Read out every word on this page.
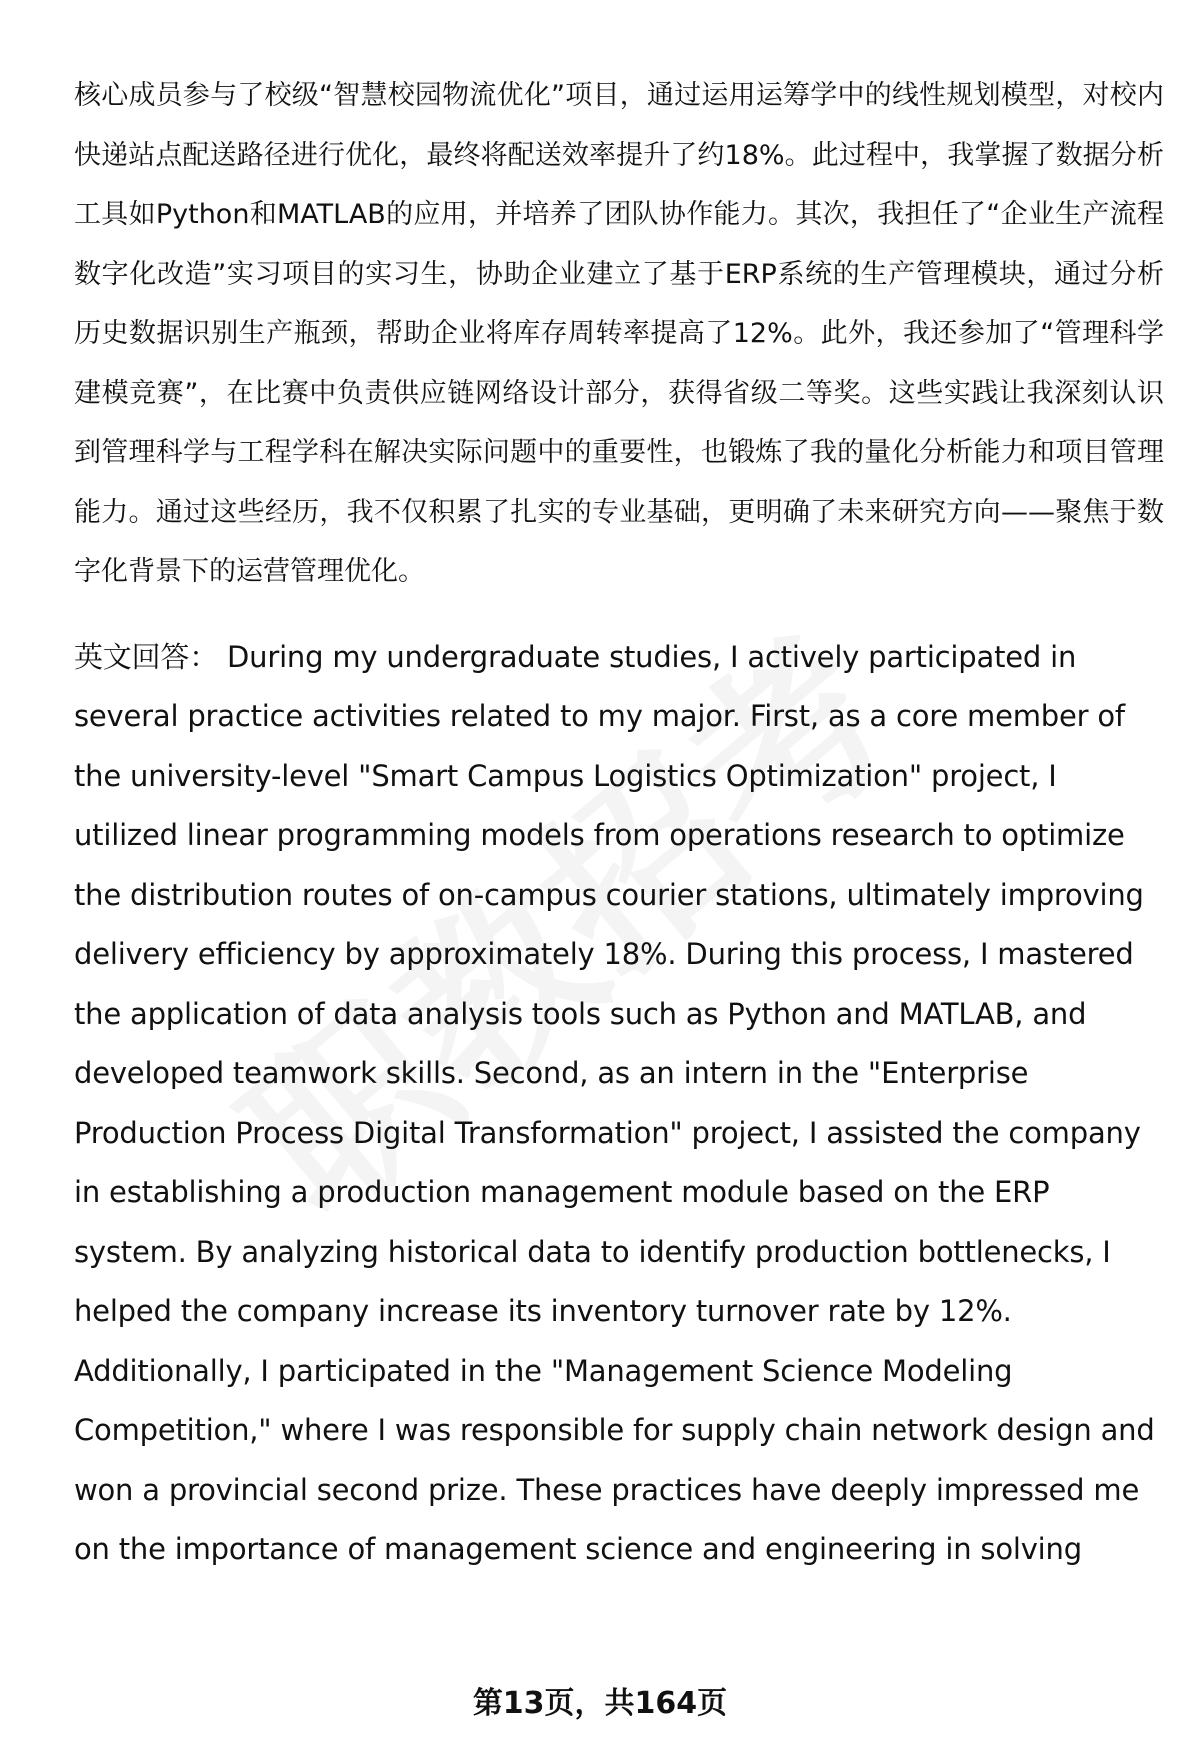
核心成员参与了校级“智慧校园物流优化”项目，通过运用运筹学中的线性规划模型，对校内快递站点配送路径进行优化，最终将配送效率提升了约18%。此过程中，我掌握了数据分析工具如Python和MATLAB的应用，并培养了团队协作能力。其次，我担任了“企业生产流程数字化改造”实习项目的实习生，协助企业建立了基于ERP系统的生产管理模块，通过分析历史数据识别生产瓶颈，帮助企业将库存周转率提高了12%。此外，我还参加了“管理科学建模竞赛”，在比赛中负责供应链网络设计部分，获得省级二等奖。这些实践让我深刻认识到管理科学与工程学科在解决实际问题中的重要性，也锻炼了我的量化分析能力和项目管理能力。通过这些经历，我不仅积累了扎实的专业基础，更明确了未来研究方向——聚焦于数字化背景下的运营管理优化。

英文回答： During my undergraduate studies, I actively participated in several practice activities related to my major. First, as a core member of the university-level "Smart Campus Logistics Optimization" project, I utilized linear programming models from operations research to optimize the distribution routes of on-campus courier stations, ultimately improving delivery efficiency by approximately 18%. During this process, I mastered the application of data analysis tools such as Python and MATLAB, and developed teamwork skills. Second, as an intern in the "Enterprise Production Process Digital Transformation" project, I assisted the company in establishing a production management module based on the ERP system. By analyzing historical data to identify production bottlenecks, I helped the company increase its inventory turnover rate by 12%. Additionally, I participated in the "Management Science Modeling Competition," where I was responsible for supply chain network design and won a provincial second prize. These practices have deeply impressed me on the importance of management science and engineering in solving

第13页，共164页
